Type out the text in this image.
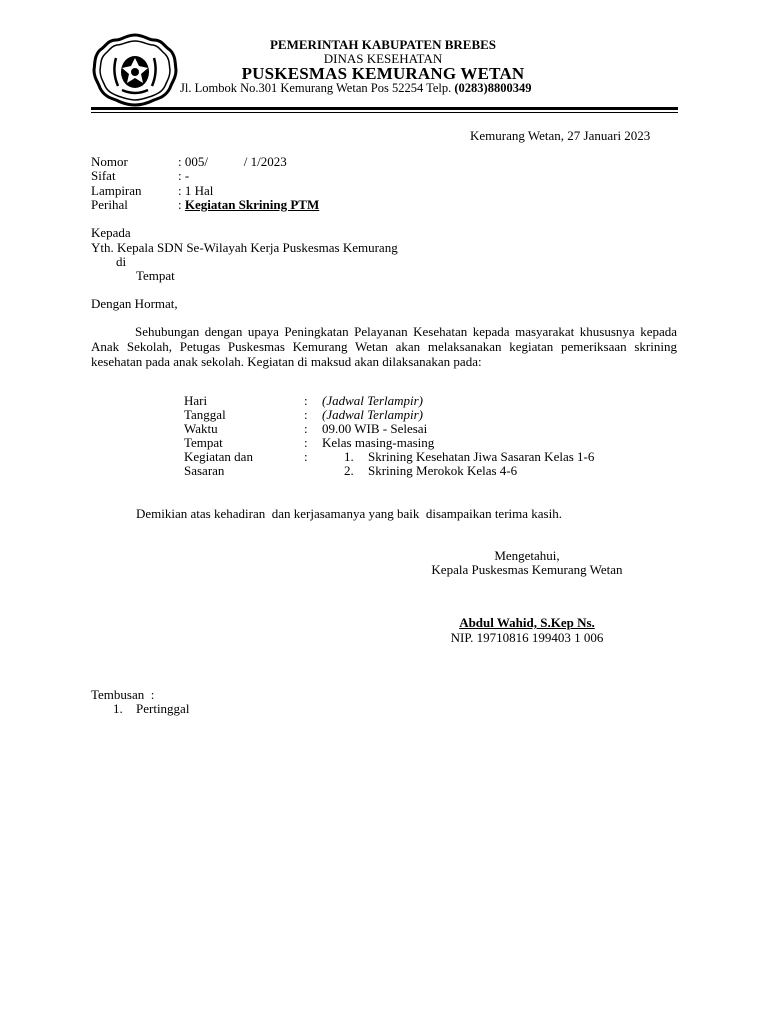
PEMERINTAH KABUPATEN BREBES
DINAS KESEHATAN
PUSKESMAS KEMURANG WETAN
Jl. Lombok No.301 Kemurang Wetan Pos 52254 Telp. (0283)8800349
Kemurang Wetan, 27 Januari 2023
Nomor	: 005/           / 1/2023
Sifat	: -
Lampiran	: 1 Hal
Perihal	: Kegiatan Skrining PTM
Kepada
Yth. Kepala SDN Se-Wilayah Kerja Puskesmas Kemurang
di
Tempat
Dengan Hormat,
Sehubungan dengan upaya Peningkatan Pelayanan Kesehatan kepada masyarakat khususnya kepada Anak Sekolah, Petugas Puskesmas Kemurang Wetan akan melaksanakan kegiatan pemeriksaan skrining kesehatan pada anak sekolah. Kegiatan di maksud akan dilaksanakan pada:
Hari	: (Jadwal Terlampir)
Tanggal	: (Jadwal Terlampir)
Waktu	: 09.00 WIB - Selesai
Tempat	: Kelas masing-masing
Kegiatan dan	:	1. Skrining Kesehatan Jiwa Sasaran Kelas 1-6
Sasaran	2. Skrining Merokok Kelas 4-6
Demikian atas kehadiran  dan kerjasamanya yang baik  disampaikan terima kasih.
Mengetahui,
Kepala Puskesmas Kemurang Wetan
Abdul Wahid, S.Kep Ns.
NIP. 19710816 199403 1 006
Tembusan  :
1. Pertinggal
